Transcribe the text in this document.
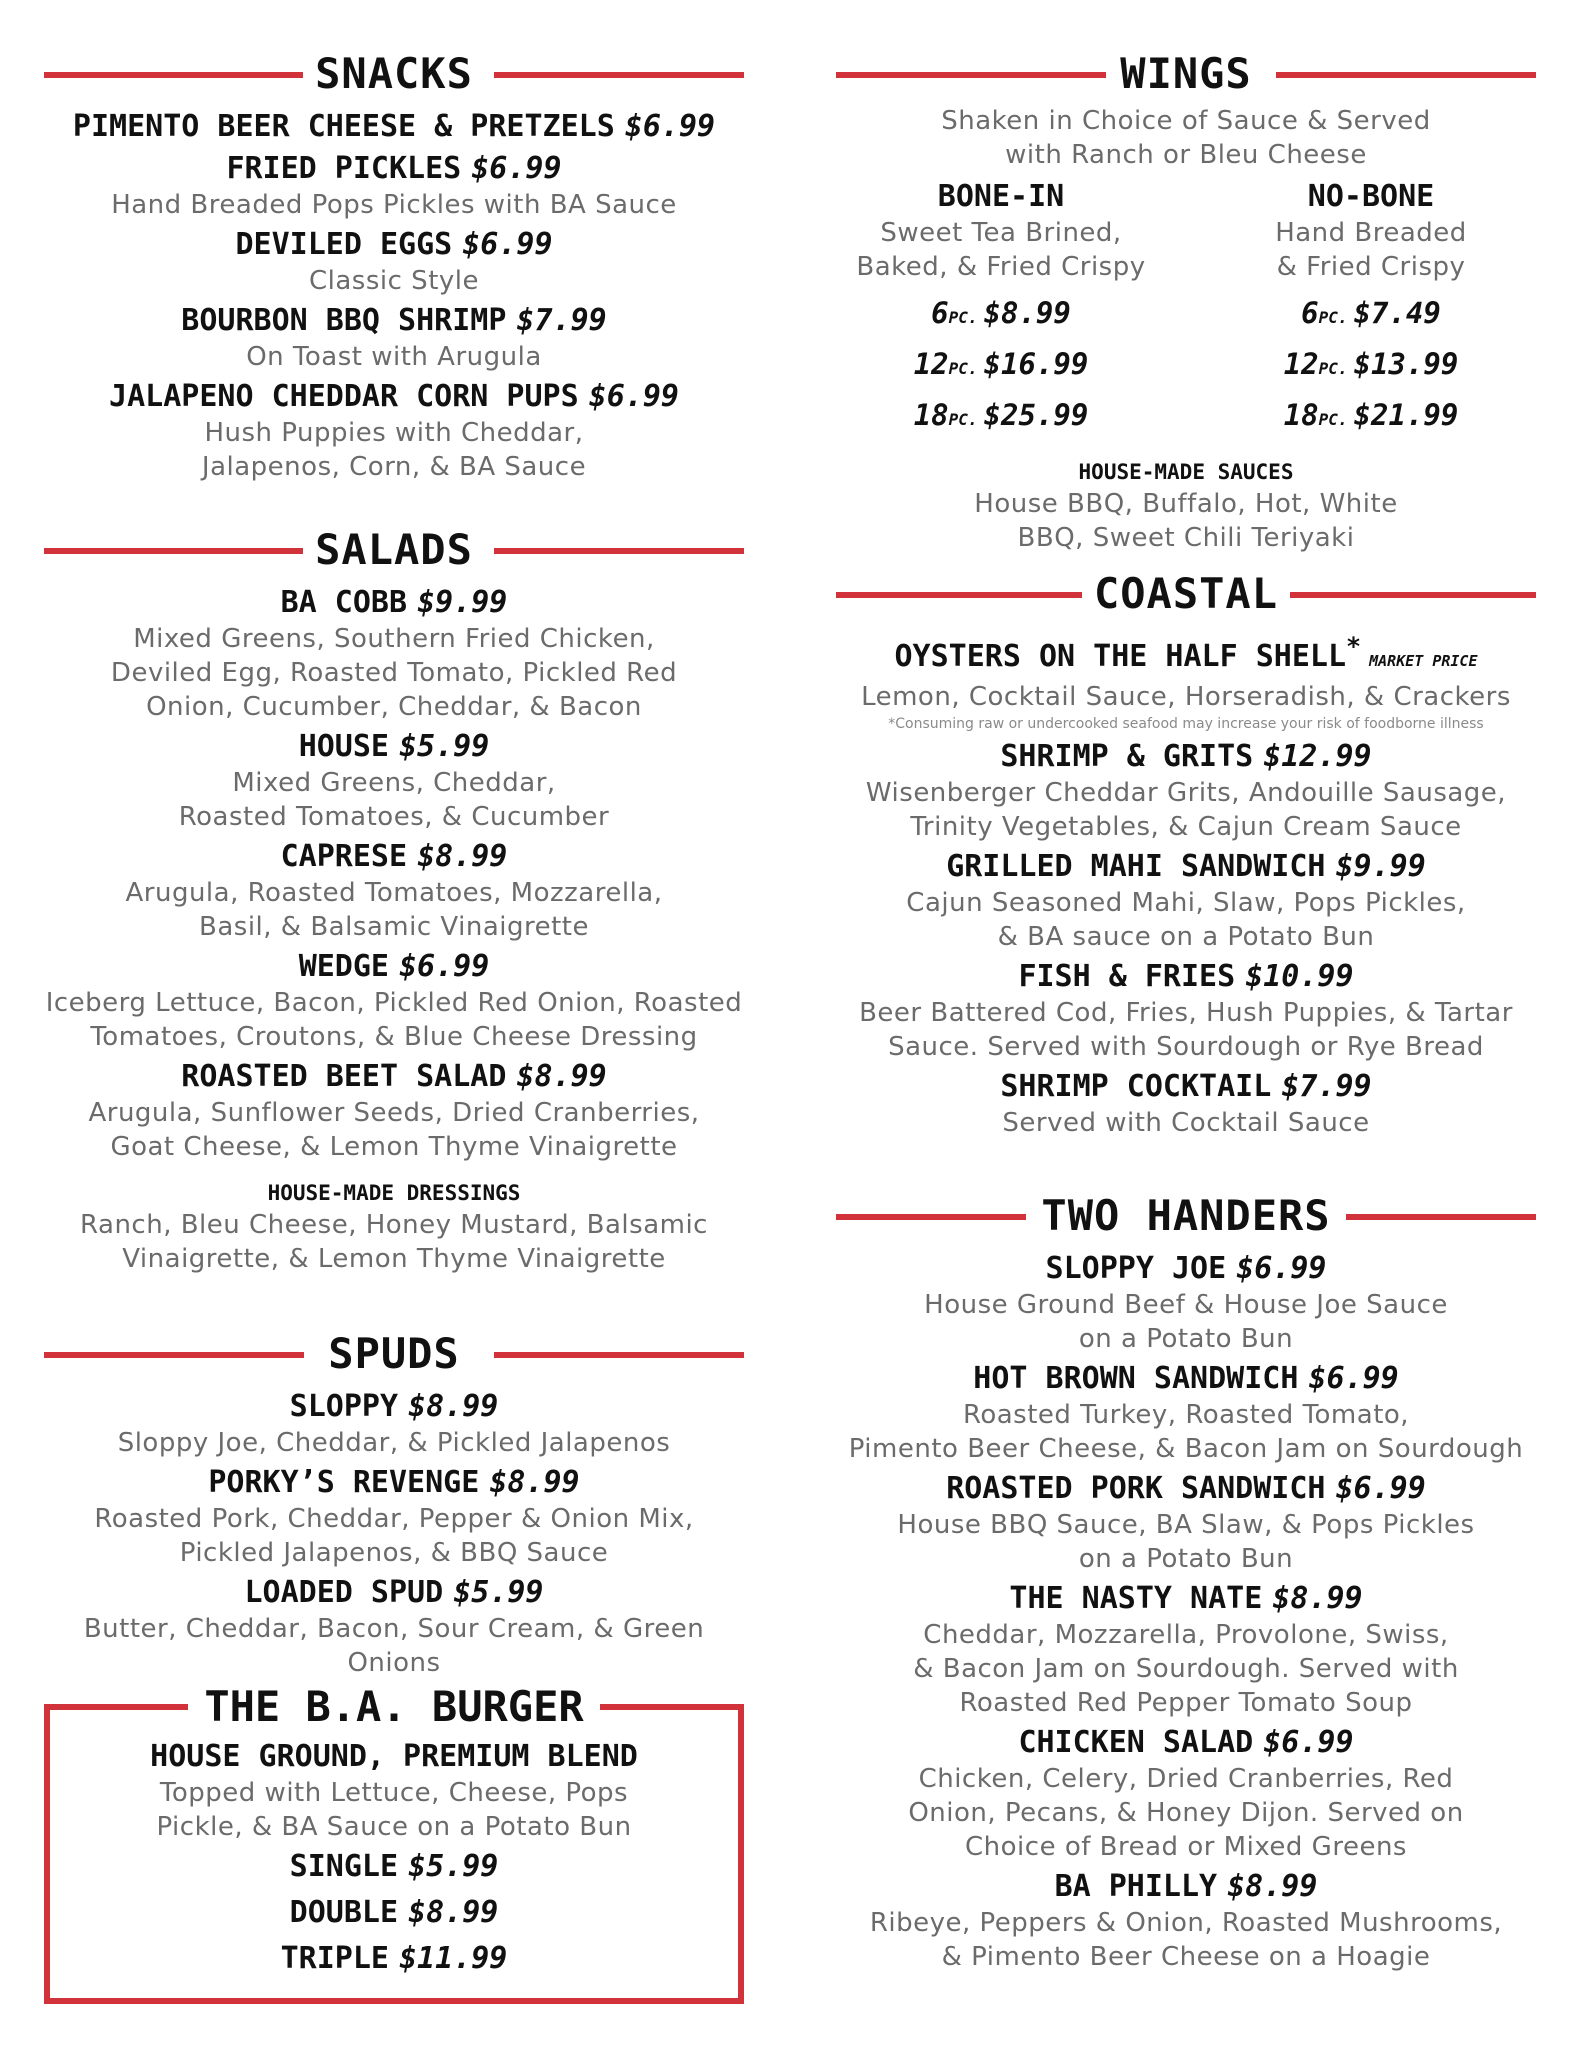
SNACKS
PIMENTO BEER CHEESE & PRETZELS $6.99
FRIED PICKLES $6.99
Hand Breaded Pops Pickles with BA Sauce
DEVILED EGGS $6.99
Classic Style
BOURBON BBQ SHRIMP $7.99
On Toast with Arugula
JALAPENO CHEDDAR CORN PUPS $6.99
Hush Puppies with Cheddar,
Jalapenos, Corn, & BA Sauce
SALADS
BA COBB $9.99
Mixed Greens, Southern Fried Chicken,
Deviled Egg, Roasted Tomato, Pickled Red
Onion, Cucumber, Cheddar, & Bacon
HOUSE $5.99
Mixed Greens, Cheddar,
Roasted Tomatoes, & Cucumber
CAPRESE $8.99
Arugula, Roasted Tomatoes, Mozzarella,
Basil, & Balsamic Vinaigrette
WEDGE $6.99
Iceberg Lettuce, Bacon, Pickled Red Onion, Roasted
Tomatoes, Croutons, & Blue Cheese Dressing
ROASTED BEET SALAD $8.99
Arugula, Sunflower Seeds, Dried Cranberries,
Goat Cheese, & Lemon Thyme Vinaigrette
HOUSE-MADE DRESSINGS
Ranch, Bleu Cheese, Honey Mustard, Balsamic
Vinaigrette, & Lemon Thyme Vinaigrette
SPUDS
SLOPPY $8.99
Sloppy Joe, Cheddar, & Pickled Jalapenos
PORKY’S REVENGE $8.99
Roasted Pork, Cheddar, Pepper & Onion Mix,
Pickled Jalapenos, & BBQ Sauce
LOADED SPUD $5.99
Butter, Cheddar, Bacon, Sour Cream, & Green Onions
THE B.A. BURGER
HOUSE GROUND, PREMIUM BLEND
Topped with Lettuce, Cheese, Pops
Pickle, & BA Sauce on a Potato Bun
SINGLE $5.99
DOUBLE $8.99
TRIPLE $11.99
WINGS
Shaken in Choice of Sauce & Served
with Ranch or Bleu Cheese
BONE-IN
Sweet Tea Brined,
Baked, & Fried Crispy
6PC. $8.99
12PC. $16.99
18PC. $25.99
NO-BONE
Hand Breaded
& Fried Crispy
6PC. $7.49
12PC. $13.99
18PC. $21.99
HOUSE-MADE SAUCES
House BBQ, Buffalo, Hot, White
BBQ, Sweet Chili Teriyaki
COASTAL
OYSTERS ON THE HALF SHELL* MARKET PRICE
Lemon, Cocktail Sauce, Horseradish, & Crackers
*Consuming raw or undercooked seafood may increase your risk of foodborne illness
SHRIMP & GRITS $12.99
Wisenberger Cheddar Grits, Andouille Sausage,
Trinity Vegetables, & Cajun Cream Sauce
GRILLED MAHI SANDWICH $9.99
Cajun Seasoned Mahi, Slaw, Pops Pickles,
& BA sauce on a Potato Bun
FISH & FRIES $10.99
Beer Battered Cod, Fries, Hush Puppies, & Tartar
Sauce. Served with Sourdough or Rye Bread
SHRIMP COCKTAIL $7.99
Served with Cocktail Sauce
TWO HANDERS
SLOPPY JOE $6.99
House Ground Beef & House Joe Sauce
on a Potato Bun
HOT BROWN SANDWICH $6.99
Roasted Turkey, Roasted Tomato,
Pimento Beer Cheese, & Bacon Jam on Sourdough
ROASTED PORK SANDWICH $6.99
House BBQ Sauce, BA Slaw, & Pops Pickles
on a Potato Bun
THE NASTY NATE $8.99
Cheddar, Mozzarella, Provolone, Swiss,
& Bacon Jam on Sourdough. Served with
Roasted Red Pepper Tomato Soup
CHICKEN SALAD $6.99
Chicken, Celery, Dried Cranberries, Red
Onion, Pecans, & Honey Dijon. Served on
Choice of Bread or Mixed Greens
BA PHILLY $8.99
Ribeye, Peppers & Onion, Roasted Mushrooms,
& Pimento Beer Cheese on a Hoagie
